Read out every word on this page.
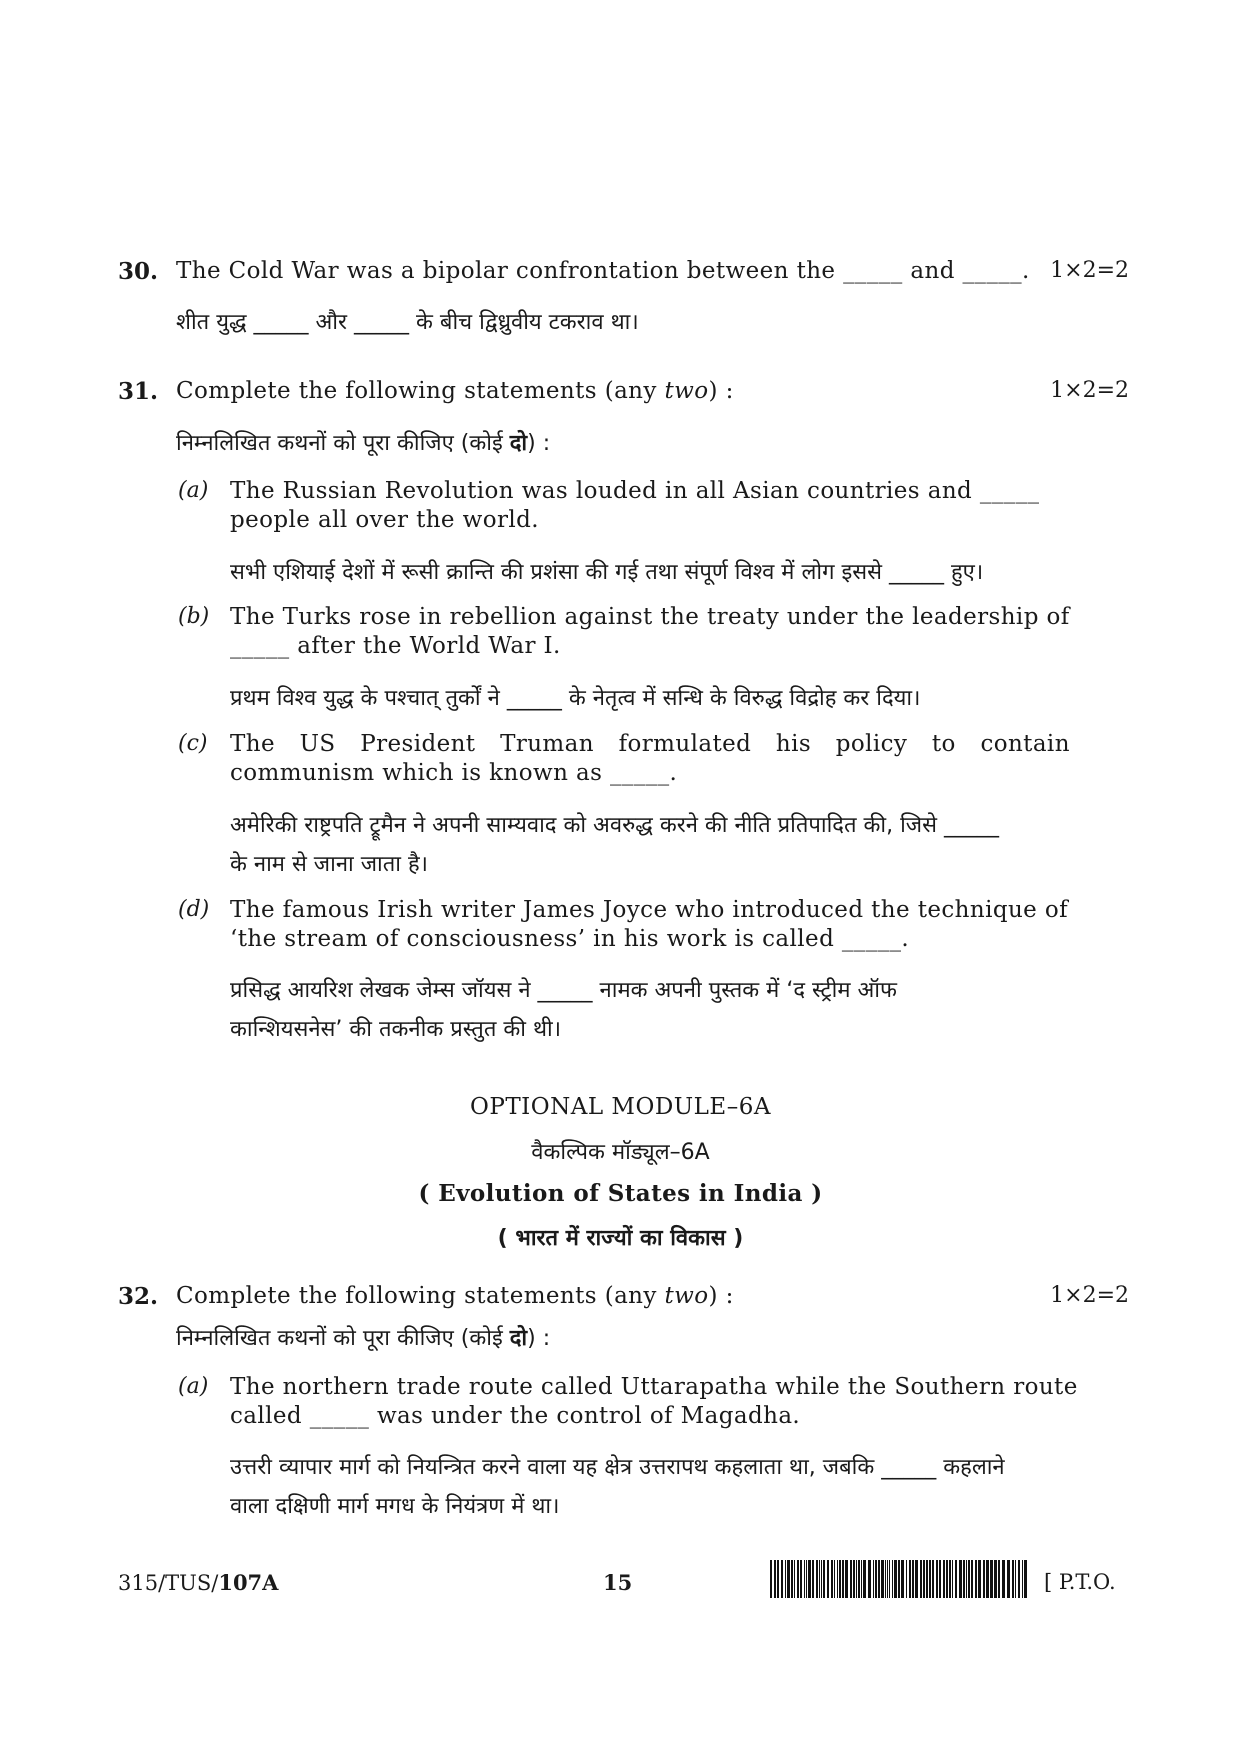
30. The Cold War was a bipolar confrontation between the _____ and _____. 1×2=2
शीत युद्ध _____ और _____ के बीच द्विध्रुवीय टकराव था।
31. Complete the following statements (any two) :	1×2=2
निम्नलिखित कथनों को पूरा कीजिए (कोई दो) :
(a) The Russian Revolution was louded in all Asian countries and _____
people all over the world.
सभी एशियाई देशों में रूसी क्रान्ति की प्रशंसा की गई तथा संपूर्ण विश्व में लोग इससे _____ हुए।
(b) The Turks rose in rebellion against the treaty under the leadership of
_____ after the World War I.
प्रथम विश्व युद्ध के पश्चात् तुर्कों ने _____ के नेतृत्व में सन्धि के विरुद्ध विद्रोह कर दिया।
(c) The US President Truman formulated his policy to contain
communism which is known as _____.
अमेरिकी राष्ट्रपति ट्रूमैन ने अपनी साम्यवाद को अवरुद्ध करने की नीति प्रतिपादित की, जिसे _____
के नाम से जाना जाता है।
(d) The famous Irish writer James Joyce who introduced the technique of
‘the stream of consciousness’ in his work is called _____.
प्रसिद्ध आयरिश लेखक जेम्स जॉयस ने _____ नामक अपनी पुस्तक में ‘द स्ट्रीम ऑफ
कान्शियसनेस’ की तकनीक प्रस्तुत की थी।
OPTIONAL MODULE–6A
वैकल्पिक मॉड्यूल–6A
( Evolution of States in India )
( भारत में राज्यों का विकास )
32. Complete the following statements (any two) :	1×2=2
निम्नलिखित कथनों को पूरा कीजिए (कोई दो) :
(a) The northern trade route called Uttarapatha while the Southern route
called _____ was under the control of Magadha.
उत्तरी व्यापार मार्ग को नियन्त्रित करने वाला यह क्षेत्र उत्तरापथ कहलाता था, जबकि _____ कहलाने
वाला दक्षिणी मार्ग मगध के नियंत्रण में था।
315/TUS/107A	15	[ P.T.O.
